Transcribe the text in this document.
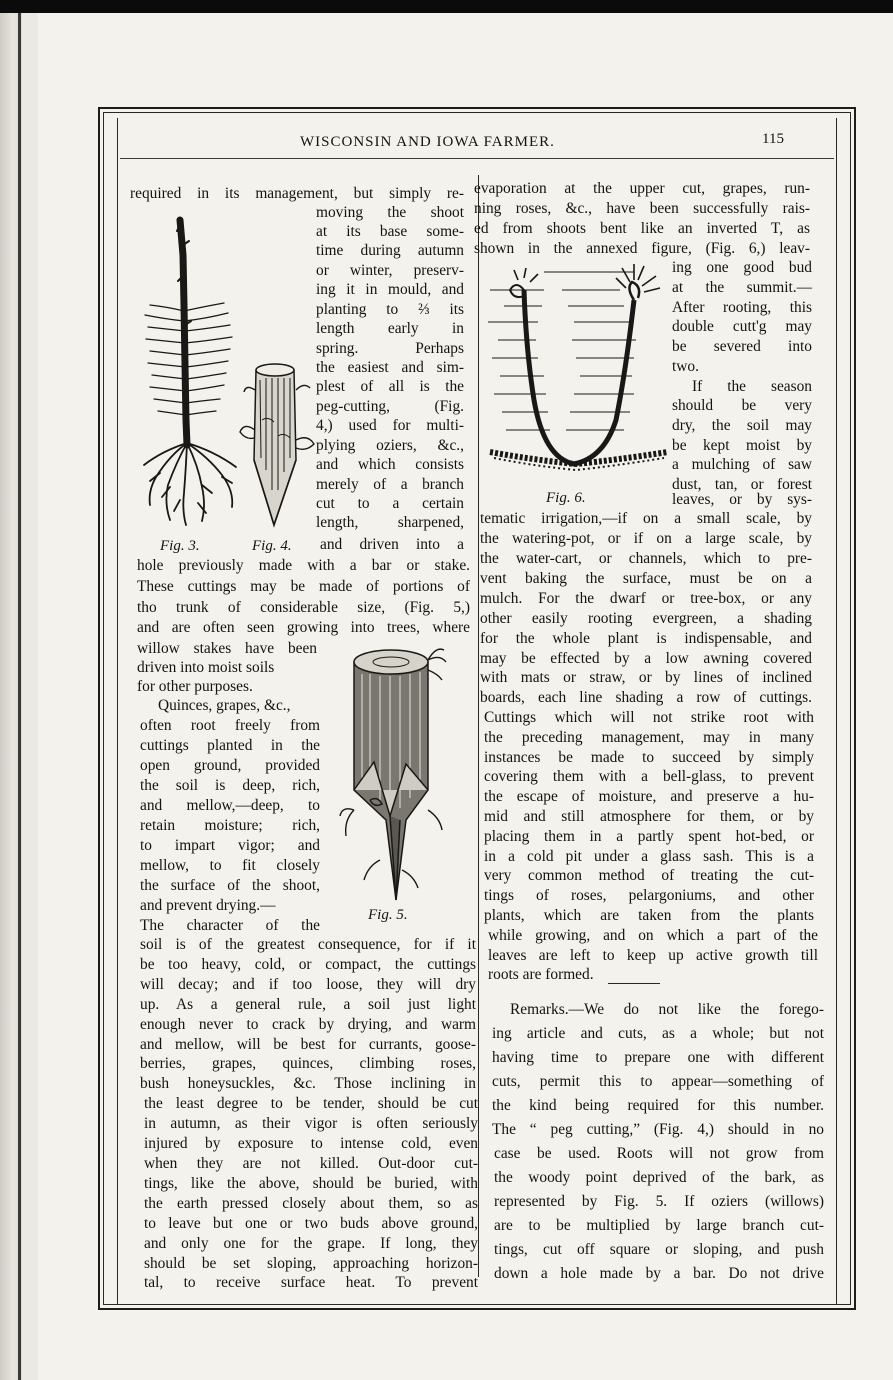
WISCONSIN AND IOWA FARMER.	115
Fig. 3.	Fig. 4.
Fig. 5.
Fig. 6.
required in its management, but simply re-
moving the shoot
at its base some-
time during autumn
or winter, preserv-
ing it in mould, and
planting to ⅔ its
length early in
spring. Perhaps
the easiest and sim-
plest of all is the
peg-cutting, (Fig.
4,) used for multi-
plying oziers, &c.,
and which consists
merely of a branch
cut to a certain
length, sharpened,
and driven into a
hole previously made with a bar or stake.
These cuttings may be made of portions of
tho trunk of considerable size, (Fig. 5,)
and are often seen growing into trees, where
willow stakes have been
driven into moist soils
for other purposes.
Quinces, grapes, &c.,
often root freely from
cuttings planted in the
open ground, provided
the soil is deep, rich,
and mellow,—deep, to
retain moisture; rich,
to impart vigor; and
mellow, to fit closely
the surface of the shoot,
and prevent drying.—
The character of the
soil is of the greatest consequence, for if it
be too heavy, cold, or compact, the cuttings
will decay; and if too loose, they will dry
up. As a general rule, a soil just light
enough never to crack by drying, and warm
and mellow, will be best for currants, goose-
berries, grapes, quinces, climbing roses,
bush honeysuckles, &c. Those inclining in
the least degree to be tender, should be cut
in autumn, as their vigor is often seriously
injured by exposure to intense cold, even
when they are not killed. Out-door cut-
tings, like the above, should be buried, with
the earth pressed closely about them, so as
to leave but one or two buds above ground,
and only one for the grape. If long, they
should be set sloping, approaching horizon-
tal, to receive surface heat. To prevent
evaporation at the upper cut, grapes, run-
ning roses, &c., have been successfully rais-
ed from shoots bent like an inverted T, as
shown in the annexed figure, (Fig. 6,) leav-
ing one good bud
at the summit.—
After rooting, this
double cutt'g may
be severed into
two.
If the season
should be very
dry, the soil may
be kept moist by
a mulching of saw
dust, tan, or forest
leaves, or by sys-
tematic irrigation,—if on a small scale, by
the watering-pot, or if on a large scale, by
the water-cart, or channels, which to pre-
vent baking the surface, must be on a
mulch. For the dwarf or tree-box, or any
other easily rooting evergreen, a shading
for the whole plant is indispensable, and
may be effected by a low awning covered
with mats or straw, or by lines of inclined
boards, each line shading a row of cuttings.
Cuttings which will not strike root with
the preceding management, may in many
instances be made to succeed by simply
covering them with a bell-glass, to prevent
the escape of moisture, and preserve a hu-
mid and still atmosphere for them, or by
placing them in a partly spent hot-bed, or
in a cold pit under a glass sash. This is a
very common method of treating the cut-
tings of roses, pelargoniums, and other
plants, which are taken from the plants
while growing, and on which a part of the
leaves are left to keep up active growth till
roots are formed.
Remarks.—We do not like the forego-
ing article and cuts, as a whole; but not
having time to prepare one with different
cuts, permit this to appear—something of
the kind being required for this number.
The “ peg cutting,” (Fig. 4,) should in no
case be used. Roots will not grow from
the woody point deprived of the bark, as
represented by Fig. 5. If oziers (willows)
are to be multiplied by large branch cut-
tings, cut off square or sloping, and push
down a hole made by a bar. Do not drive
